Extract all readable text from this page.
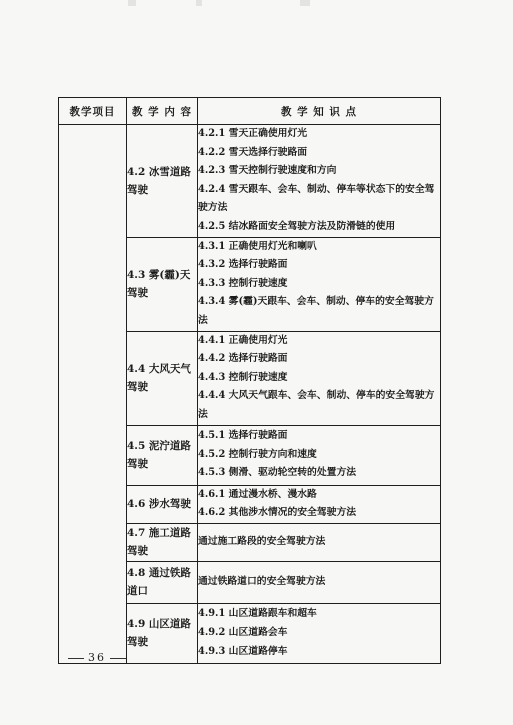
教学项目	教 学 内 容	教 学 知 识 点
	4.2 冰雪道路驾驶	4.2.1 雪天正确使用灯光
4.2.2 雪天选择行驶路面
4.2.3 雪天控制行驶速度和方向
4.2.4 雪天跟车、会车、制动、停车等状态下的安全驾驶方法
4.2.5 结冰路面安全驾驶方法及防滑链的使用

	4.3 雾(霾)天驾驶	4.3.1 正确使用灯光和喇叭
4.3.2 选择行驶路面
4.3.3 控制行驶速度
4.3.4 雾(霾)天跟车、会车、制动、停车的安全驾驶方法

	4.4 大风天气驾驶	4.4.1 正确使用灯光
4.4.2 选择行驶路面
4.4.3 控制行驶速度
4.4.4 大风天气跟车、会车、制动、停车的安全驾驶方法

	4.5 泥泞道路驾驶	4.5.1 选择行驶路面
4.5.2 控制行驶方向和速度
4.5.3 侧滑、驱动轮空转的处置方法

	4.6 涉水驾驶	4.6.1 通过漫水桥、漫水路
4.6.2 其他涉水情况的安全驾驶方法

	4.7 施工道路驾驶	通过施工路段的安全驾驶方法

	4.8 通过铁路道口	通过铁路道口的安全驾驶方法

	4.9 山区道路驾驶	4.9.1 山区道路跟车和超车
4.9.2 山区道路会车
4.9.3 山区道路停车
36
